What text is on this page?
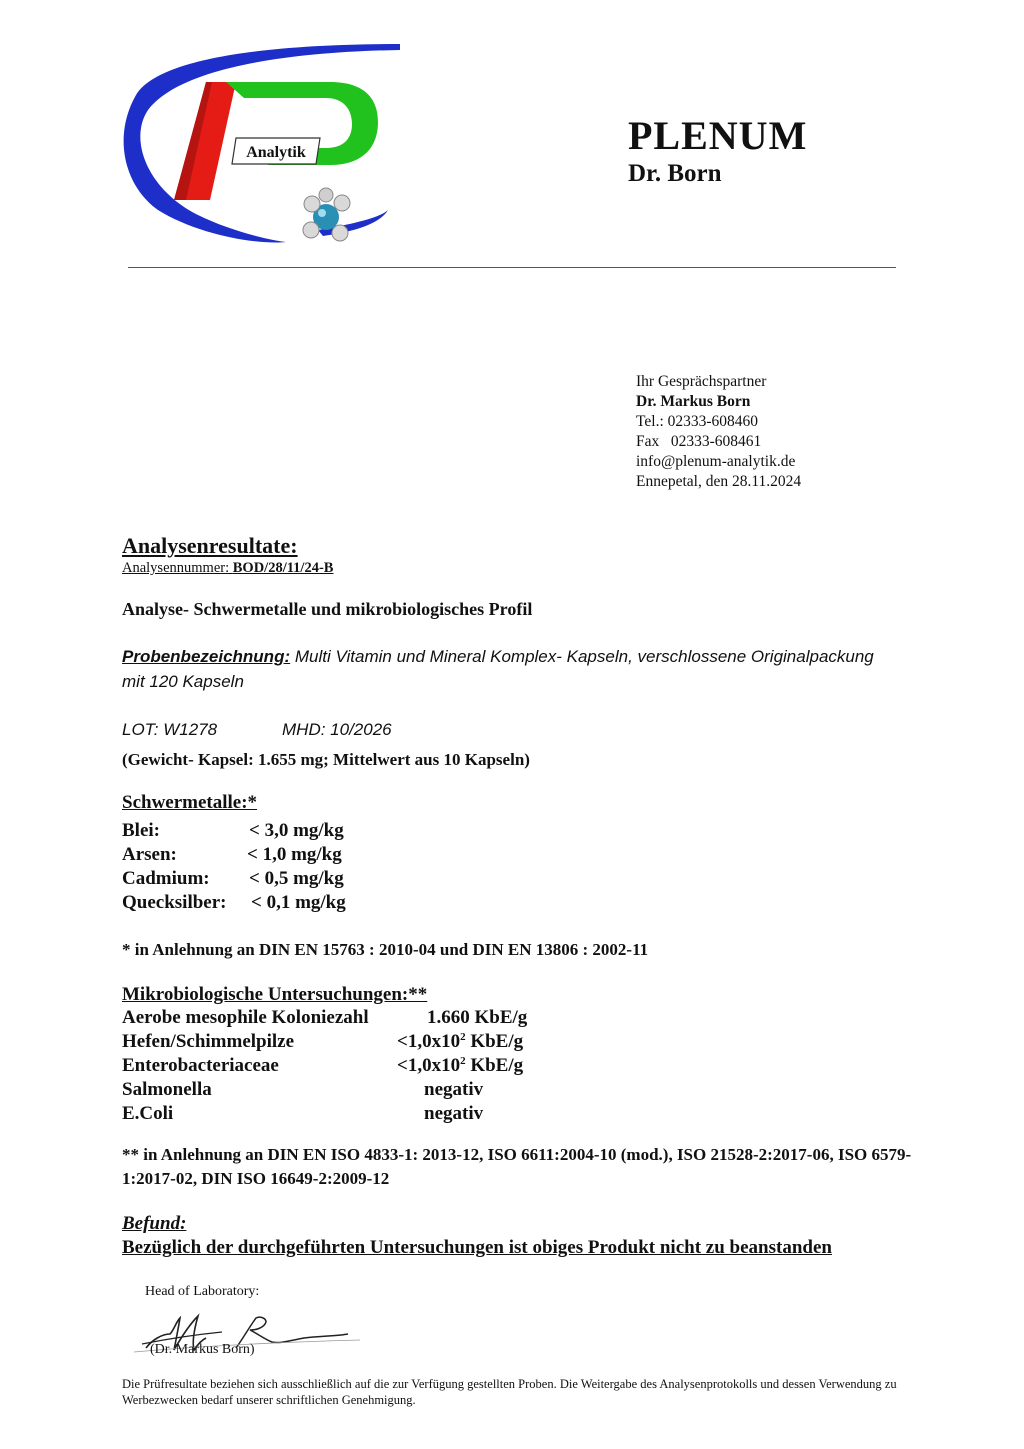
Analytik	PLENUM
Dr. Born
Ihr Gesprächspartner
Dr. Markus Born
Tel.: 02333-608460
Fax   02333-608461
info@plenum-analytik.de
Ennepetal, den 28.11.2024
Analysenresultate:
Analysennummer: BOD/28/11/24-B
Analyse- Schwermetalle und mikrobiologisches Profil
Probenbezeichnung: Multi Vitamin und Mineral Komplex- Kapseln, verschlossene Originalpackung mit 120 Kapseln
LOT: W1278	MHD: 10/2026
(Gewicht- Kapsel: 1.655 mg; Mittelwert aus 10 Kapseln)
Schwermetalle:*
Blei:	< 3,0 mg/kg
Arsen:	< 1,0 mg/kg
Cadmium: < 0,5 mg/kg
Quecksilber: < 0,1 mg/kg
* in Anlehnung an DIN EN 15763 : 2010-04 und DIN EN 13806 : 2002-11
Mikrobiologische Untersuchungen:**
Aerobe mesophile Koloniezahl	1.660 KbE/g
Hefen/Schimmelpilze	$<1,0x10^2$ KbE/g
Enterobacteriaceae	$<1,0x10^2$ KbE/g
Salmonella	negativ
E.Coli	negativ
** in Anlehnung an DIN EN ISO 4833-1: 2013-12, ISO 6611:2004-10 (mod.), ISO 21528-2:2017-06, ISO 6579-1:2017-02, DIN ISO 16649-2:2009-12
Befund:
Bezüglich der durchgeführten Untersuchungen ist obiges Produkt nicht zu beanstanden
Head of Laboratory:
(Dr. Markus Born)
Die Prüfresultate beziehen sich ausschließlich auf die zur Verfügung gestellten Proben. Die Weitergabe des Analysenprotokolls und dessen Verwendung zu Werbezwecken bedarf unserer schriftlichen Genehmigung.
